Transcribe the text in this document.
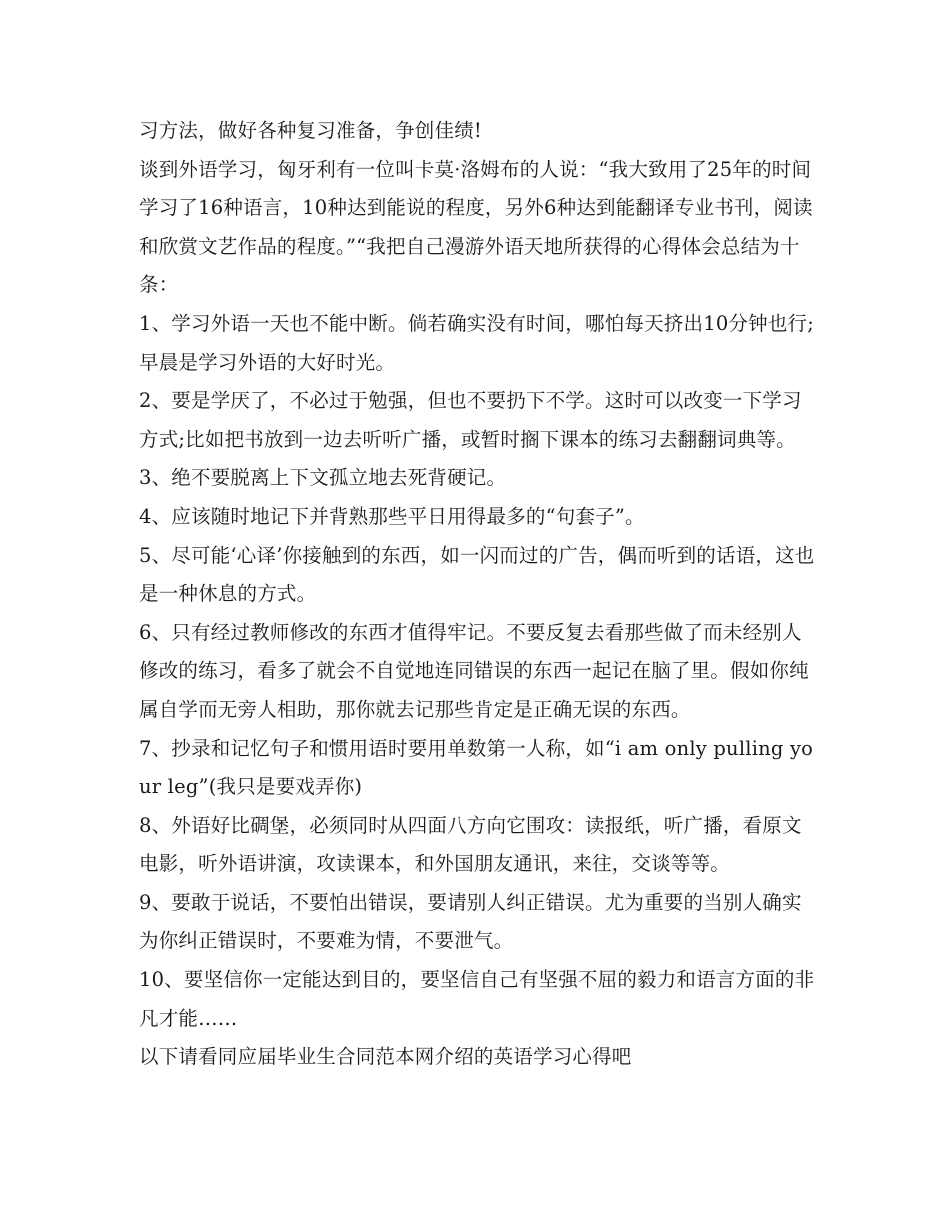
习方法，做好各种复习准备，争创佳绩!

谈到外语学习，匈牙利有一位叫卡莫·洛姆布的人说：“我大致用了25年的时间学习了16种语言，10种达到能说的程度，另外6种达到能翻译专业书刊，阅读和欣赏文艺作品的程度。”“我把自己漫游外语天地所获得的心得体会总结为十条：

1、学习外语一天也不能中断。倘若确实没有时间，哪怕每天挤出10分钟也行;早晨是学习外语的大好时光。

2、要是学厌了，不必过于勉强，但也不要扔下不学。这时可以改变一下学习方式;比如把书放到一边去听听广播，或暂时搁下课本的练习去翻翻词典等。

3、绝不要脱离上下文孤立地去死背硬记。

4、应该随时地记下并背熟那些平日用得最多的“句套子”。

5、尽可能‘心译’你接触到的东西，如一闪而过的广告，偶而听到的话语，这也是一种休息的方式。

6、只有经过教师修改的东西才值得牢记。不要反复去看那些做了而未经别人修改的练习，看多了就会不自觉地连同错误的东西一起记在脑了里。假如你纯属自学而无旁人相助，那你就去记那些肯定是正确无误的东西。

7、抄录和记忆句子和惯用语时要用单数第一人称，如“i am only pulling your leg”(我只是要戏弄你)

8、外语好比碉堡，必须同时从四面八方向它围攻：读报纸，听广播，看原文电影，听外语讲演，攻读课本，和外国朋友通讯，来往，交谈等等。

9、要敢于说话，不要怕出错误，要请别人纠正错误。尤为重要的当别人确实为你纠正错误时，不要难为情，不要泄气。

10、要坚信你一定能达到目的，要坚信自己有坚强不屈的毅力和语言方面的非凡才能……

以下请看同应届毕业生合同范本网介绍的英语学习心得吧
